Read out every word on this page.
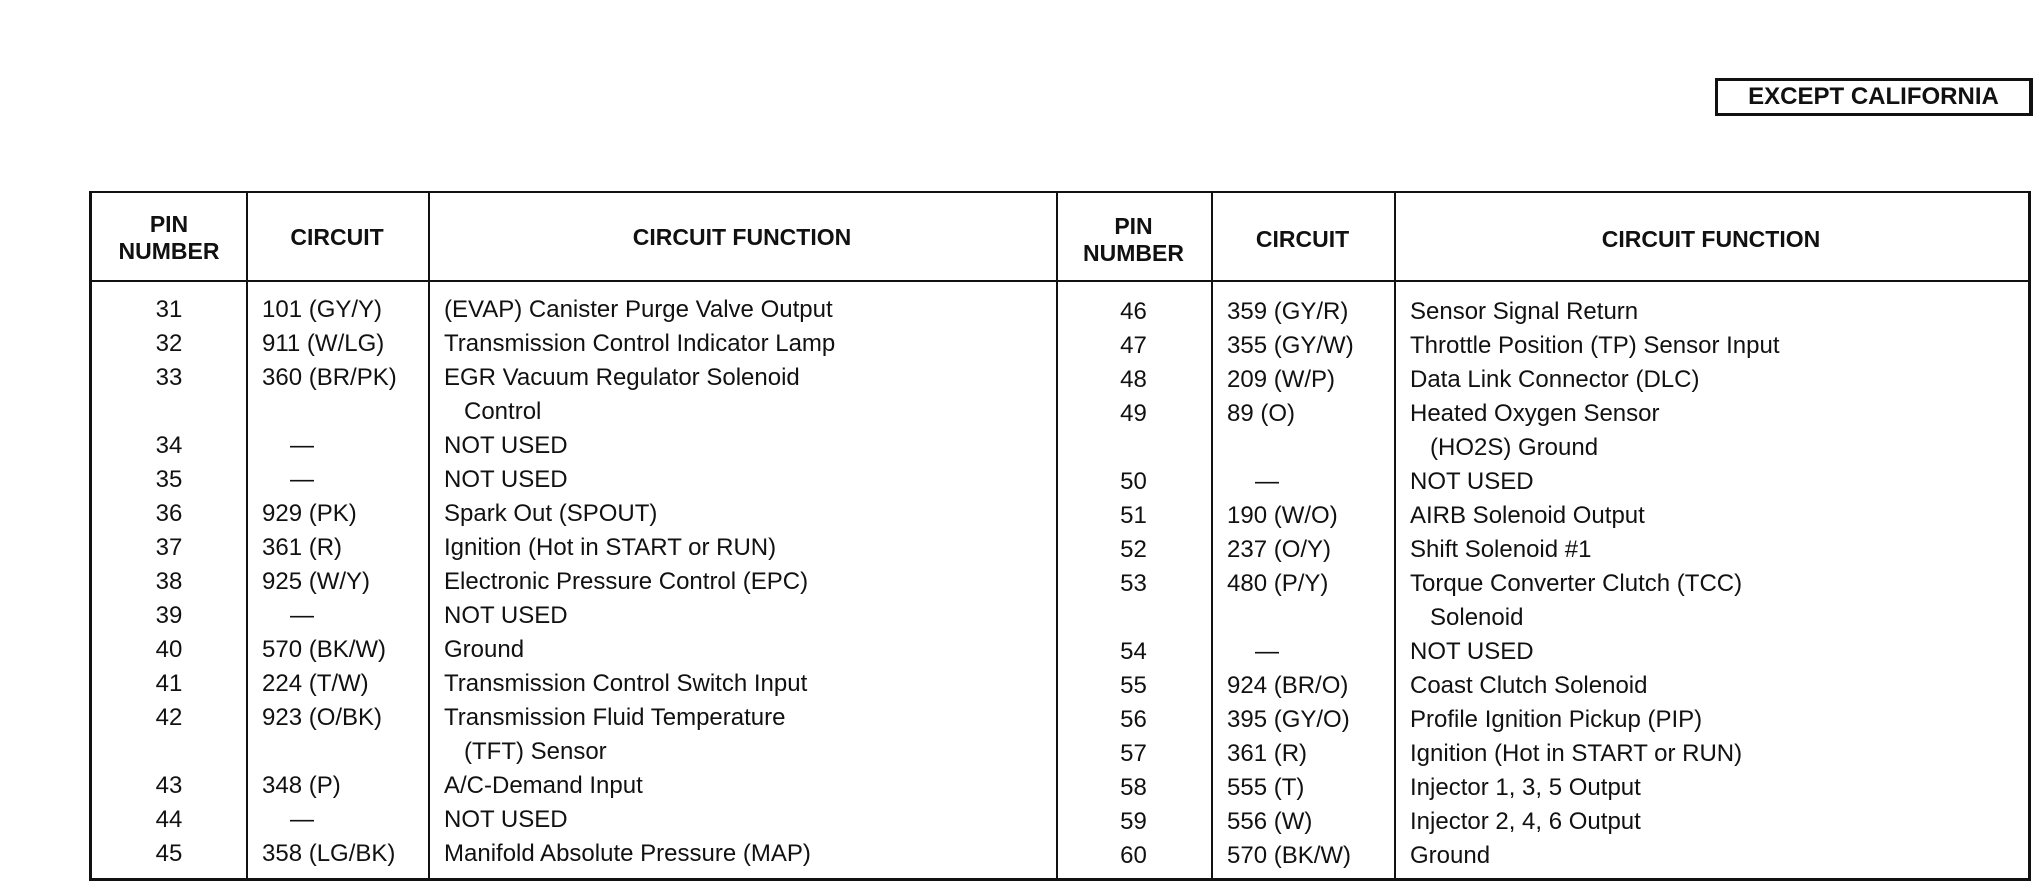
EXCEPT CALIFORNIA
PIN
NUMBER
CIRCUIT	CIRCUIT FUNCTION	PIN
NUMBER
CIRCUIT	CIRCUIT FUNCTION
31	101 (GY/Y)	(EVAP) Canister Purge Valve Output
32	911 (W/LG) Transmission Control Indicator Lamp
33	360 (BR/PK) EGR Vacuum Regulator Solenoid
Control
34	—	NOT USED
35	—	NOT USED
36	929 (PK)	Spark Out (SPOUT)
37	361 (R)	Ignition (Hot in START or RUN)
38	925 (W/Y)	Electronic Pressure Control (EPC)
39	—	NOT USED
40	570 (BK/W) Ground
41	224 (T/W)	Transmission Control Switch Input
42	923 (O/BK)	Transmission Fluid Temperature
(TFT) Sensor
43	348 (P)	A/C-Demand Input
44	—	NOT USED
45	358 (LG/BK) Manifold Absolute Pressure (MAP)
46	359 (GY/R)	Sensor Signal Return
47	355 (GY/W) Throttle Position (TP) Sensor Input
48	209 (W/P)	Data Link Connector (DLC)
49	89 (O)	Heated Oxygen Sensor
(HO2S) Ground
50	—	NOT USED
51	190 (W/O)	AIRB Solenoid Output
52	237 (O/Y)	Shift Solenoid #1
53	480 (P/Y)	Torque Converter Clutch (TCC)
Solenoid
54	—	NOT USED
55	924 (BR/O)	Coast Clutch Solenoid
56	395 (GY/O)	Profile Ignition Pickup (PIP)
57	361 (R)	Ignition (Hot in START or RUN)
58	555 (T)	Injector 1, 3, 5 Output
59	556 (W)	Injector 2, 4, 6 Output
60	570 (BK/W) Ground
